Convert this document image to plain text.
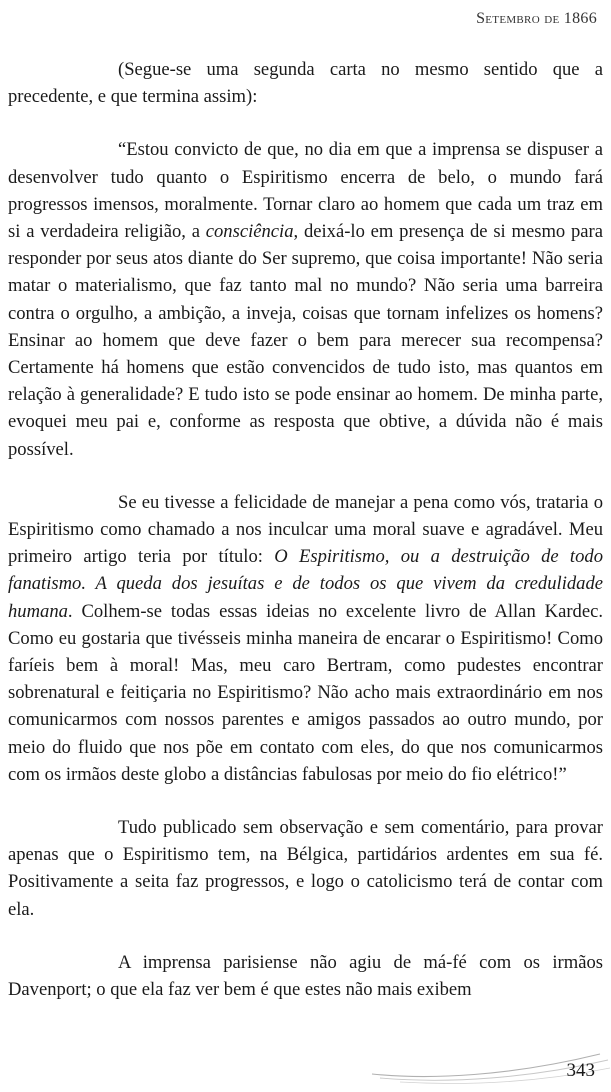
Setembro de 1866

(Segue-se uma segunda carta no mesmo sentido que a precedente, e que termina assim):

“Estou convicto de que, no dia em que a imprensa se dispuser a desenvolver tudo quanto o Espiritismo encerra de belo, o mundo fará progressos imensos, moralmente. Tornar claro ao homem que cada um traz em si a verdadeira religião, a consciência, deixá-lo em presença de si mesmo para responder por seus atos diante do Ser supremo, que coisa importante! Não seria matar o materialismo, que faz tanto mal no mundo? Não seria uma barreira contra o orgulho, a ambição, a inveja, coisas que tornam infelizes os homens? Ensinar ao homem que deve fazer o bem para merecer sua recompensa? Certamente há homens que estão convencidos de tudo isto, mas quantos em relação à generalidade? E tudo isto se pode ensinar ao homem. De minha parte, evoquei meu pai e, conforme as resposta que obtive, a dúvida não é mais possível.

Se eu tivesse a felicidade de manejar a pena como vós, trataria o Espiritismo como chamado a nos inculcar uma moral suave e agradável. Meu primeiro artigo teria por título: O Espiritismo, ou a destruição de todo fanatismo. A queda dos jesuítas e de todos os que vivem da credulidade humana. Colhem-se todas essas ideias no excelente livro de Allan Kardec. Como eu gostaria que tivésseis minha maneira de encarar o Espiritismo! Como faríeis bem à moral! Mas, meu caro Bertram, como pudestes encontrar sobrenatural e feitiçaria no Espiritismo? Não acho mais extraordinário em nos comunicarmos com nossos parentes e amigos passados ao outro mundo, por meio do fluido que nos põe em contato com eles, do que nos comunicarmos com os irmãos deste globo a distâncias fabulosas por meio do fio elétrico!”

Tudo publicado sem observação e sem comentário, para provar apenas que o Espiritismo tem, na Bélgica, partidários ardentes em sua fé. Positivamente a seita faz progressos, e logo o catolicismo terá de contar com ela.

A imprensa parisiense não agiu de má-fé com os irmãos Davenport; o que ela faz ver bem é que estes não mais exibem

343
